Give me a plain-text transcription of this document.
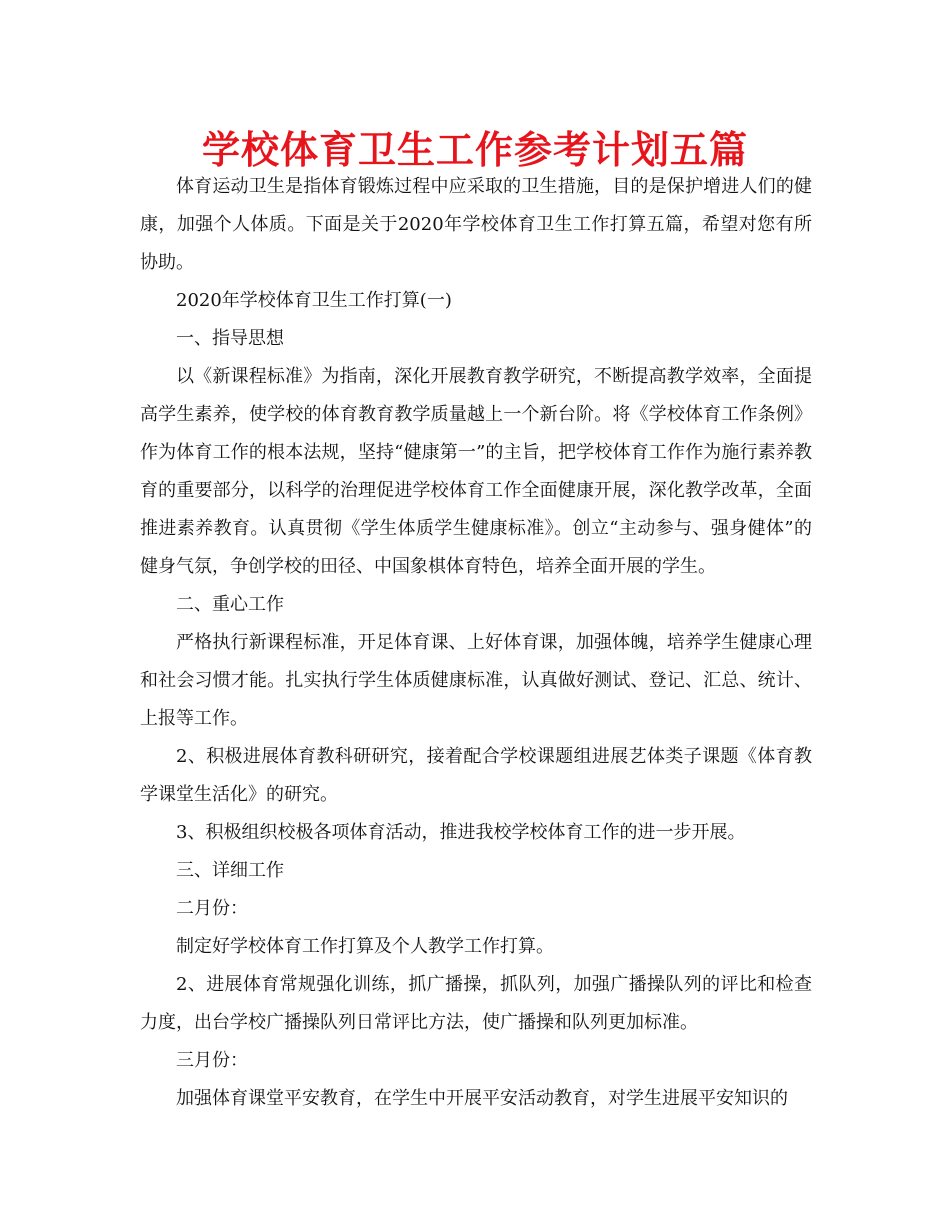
学校体育卫生工作参考计划五篇

体育运动卫生是指体育锻炼过程中应采取的卫生措施，目的是保护增进人们的健康，加强个人体质。下面是关于2020年学校体育卫生工作打算五篇，希望对您有所协助。

2020年学校体育卫生工作打算(一)

一、指导思想

以《新课程标准》为指南，深化开展教育教学研究，不断提高教学效率，全面提高学生素养，使学校的体育教育教学质量越上一个新台阶。将《学校体育工作条例》作为体育工作的根本法规，坚持“健康第一”的主旨，把学校体育工作作为施行素养教育的重要部分，以科学的治理促进学校体育工作全面健康开展，深化教学改革，全面推进素养教育。认真贯彻《学生体质学生健康标准》。创立“主动参与、强身健体”的健身气氛，争创学校的田径、中国象棋体育特色，培养全面开展的学生。

二、重心工作

严格执行新课程标准，开足体育课、上好体育课，加强体魄，培养学生健康心理和社会习惯才能。扎实执行学生体质健康标准，认真做好测试、登记、汇总、统计、上报等工作。

2、积极进展体育教科研研究，接着配合学校课题组进展艺体类子课题《体育教学课堂生活化》的研究。

3、积极组织校极各项体育活动，推进我校学校体育工作的进一步开展。

三、详细工作

二月份：

制定好学校体育工作打算及个人教学工作打算。

2、进展体育常规强化训练，抓广播操，抓队列，加强广播操队列的评比和检查力度，出台学校广播操队列日常评比方法，使广播操和队列更加标准。

三月份：

加强体育课堂平安教育，在学生中开展平安活动教育，对学生进展平安知识的
